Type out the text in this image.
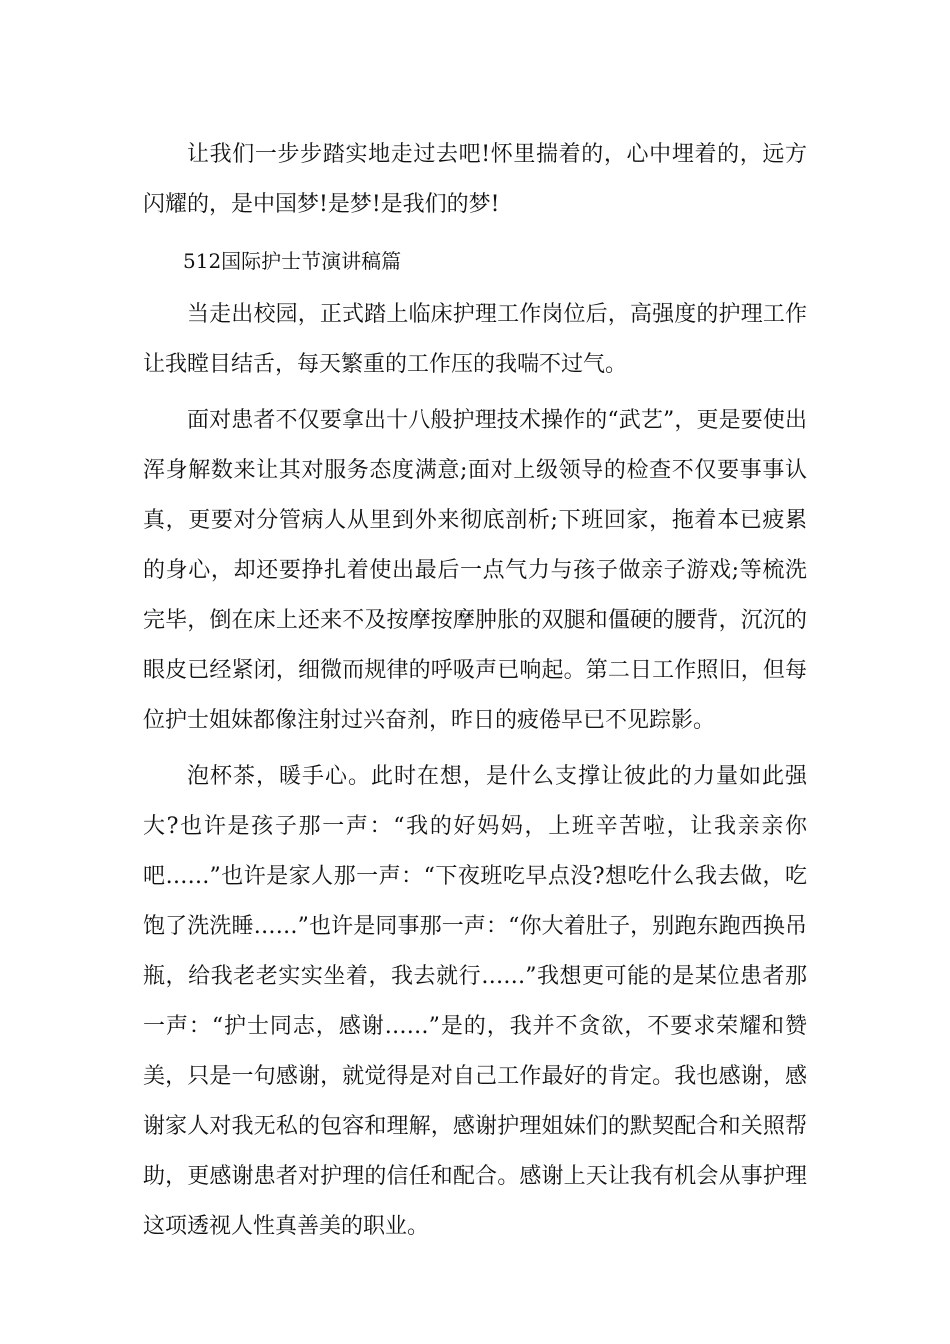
让我们一步步踏实地走过去吧!怀里揣着的，心中埋着的，远方闪耀的，是中国梦!是梦!是我们的梦!

512国际护士节演讲稿篇

当走出校园，正式踏上临床护理工作岗位后，高强度的护理工作让我瞠目结舌，每天繁重的工作压的我喘不过气。

面对患者不仅要拿出十八般护理技术操作的“武艺”，更是要使出浑身解数来让其对服务态度满意;面对上级领导的检查不仅要事事认真，更要对分管病人从里到外来彻底剖析;下班回家，拖着本已疲累的身心，却还要挣扎着使出最后一点气力与孩子做亲子游戏;等梳洗完毕，倒在床上还来不及按摩按摩肿胀的双腿和僵硬的腰背，沉沉的眼皮已经紧闭，细微而规律的呼吸声已响起。第二日工作照旧，但每位护士姐妹都像注射过兴奋剂，昨日的疲倦早已不见踪影。

泡杯茶，暖手心。此时在想，是什么支撑让彼此的力量如此强大?也许是孩子那一声：“我的好妈妈，上班辛苦啦，让我亲亲你吧……”也许是家人那一声：“下夜班吃早点没?想吃什么我去做，吃饱了洗洗睡……”也许是同事那一声：“你大着肚子，别跑东跑西换吊瓶，给我老老实实坐着，我去就行……”我想更可能的是某位患者那一声：“护士同志，感谢……”是的，我并不贪欲，不要求荣耀和赞美，只是一句感谢，就觉得是对自己工作最好的肯定。我也感谢，感谢家人对我无私的包容和理解，感谢护理姐妹们的默契配合和关照帮助，更感谢患者对护理的信任和配合。感谢上天让我有机会从事护理这项透视人性真善美的职业。
